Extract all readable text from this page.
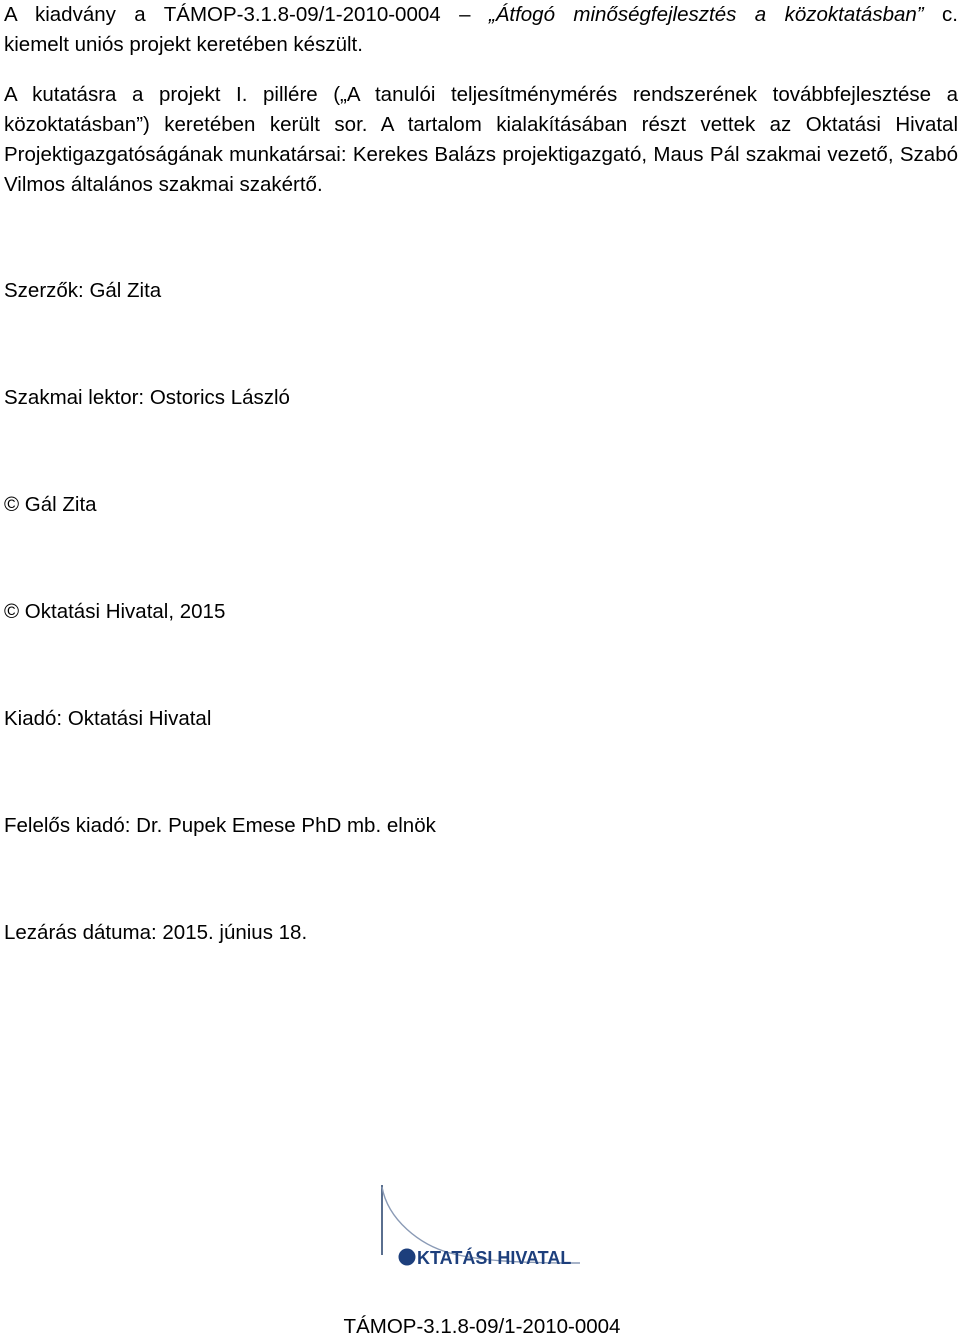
A kiadvány a TÁMOP-3.1.8-09/1-2010-0004 – „Átfogó minőségfejlesztés a közoktatásban” c.

kiemelt uniós projekt keretében készült.

A kutatásra a projekt I. pillére („A tanulói teljesítménymérés rendszerének továbbfejlesztése a közoktatásban”) keretében került sor. A tartalom kialakításában részt vettek az Oktatási Hivatal Projektigazgatóságának munkatársai: Kerekes Balázs projektigazgató, Maus Pál szakmai vezető, Szabó Vilmos általános szakmai szakértő.

Szerzők: Gál Zita

Szakmai lektor: Ostorics László

© Gál Zita

© Oktatási Hivatal, 2015

Kiadó: Oktatási Hivatal

Felelős kiadó: Dr. Pupek Emese PhD mb. elnök

Lezárás dátuma: 2015. június 18.

KTATÁSI HIVATAL
TÁMOP-3.1.8-09/1-2010-0004
